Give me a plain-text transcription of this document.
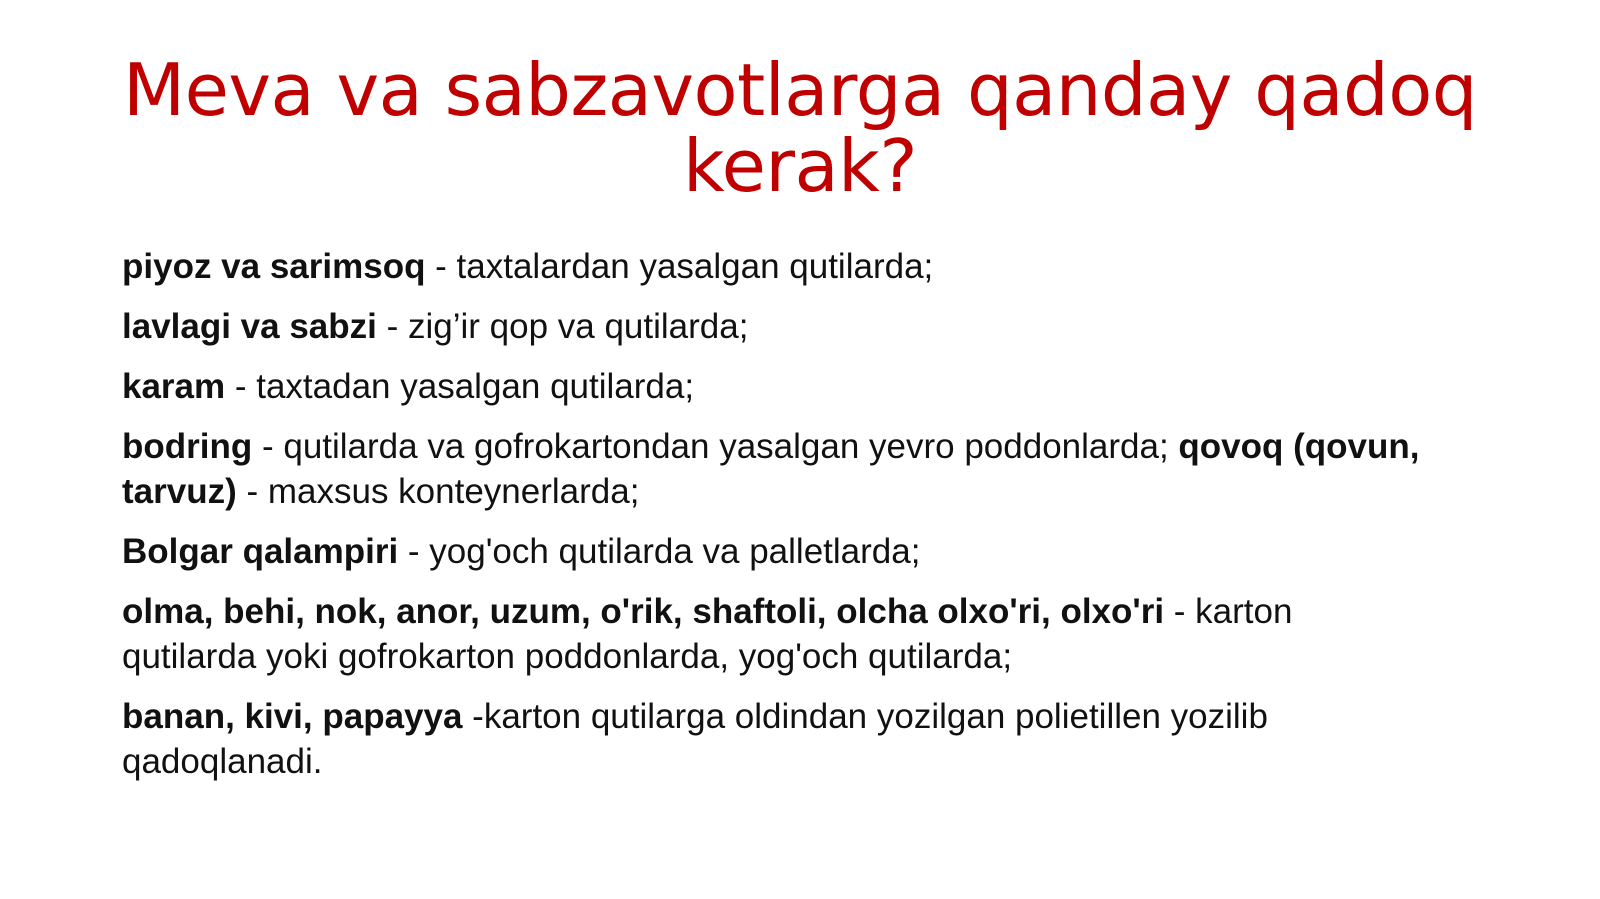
Meva va sabzavotlarga qanday qadoq kerak?

piyoz va sarimsoq - taxtalardan yasalgan qutilarda;

lavlagi va sabzi - zig’ir qop va qutilarda;

karam - taxtadan yasalgan qutilarda;

bodring - qutilarda va gofrokartondan yasalgan yevro poddonlarda; qovoq (qovun, tarvuz) - maxsus konteynerlarda;

Bolgar qalampiri - yog'och qutilarda va palletlarda;

olma, behi, nok, anor, uzum, o'rik, shaftoli, olcha olxo'ri, olxo'ri - karton qutilarda yoki gofrokarton poddonlarda, yog'och qutilarda;

banan, kivi, papayya -karton qutilarga oldindan yozilgan polietillen yozilib qadoqlanadi.
